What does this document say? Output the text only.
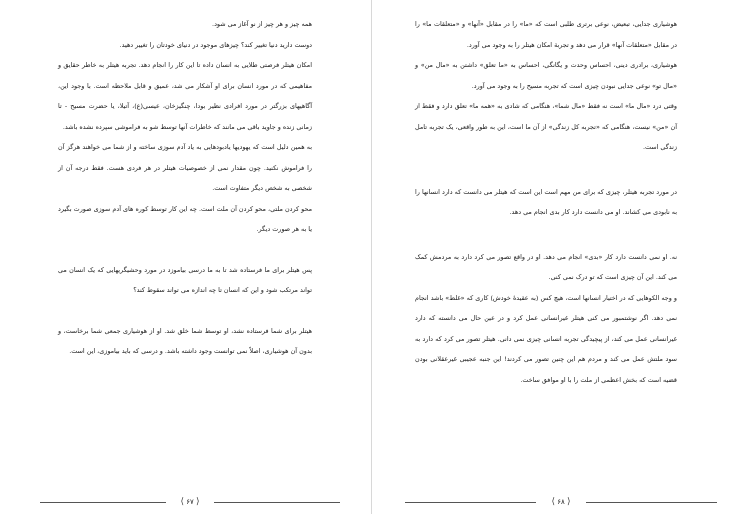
همه چیز و هر چیز از نو آغاز می شود.

دوست دارید دنیا تغییر کند؟ چیزهای موجود در دنیای خودتان را تغییر دهید.

امکان هیتلر فرصتی طلایی به انسان داده تا این کار را انجام دهد. تجربه هیتلر به خاطر حقایق و مفاهیمی که در مورد انسان برای او آشکار می شد، عمیق و قابل ملاحظه است. با وجود این، آگاهیهای بزرگتر در مورد افرادی نظیر بودا، چنگیزخان، عیسی(ع)، آتیلا، یا حضرت مسیح - تا زمانی زنده و جاوید باقی می مانند که خاطرات آنها توسط شو به فراموشی سپرده نشده باشد.

به همین دلیل است که یهودیها یادبودهایی به یاد آدم سوزی ساخته و از شما می خواهند هرگز آن را فراموش نکنید. چون مقدار نمی از خصوصیات هیتلر در هر فردی هست. فقط درجه آن از شخصی به شخص دیگر متفاوت است.

محو کردن ملتی، محو کردن آن ملت است. چه این کار توسط کوره های آدم سوزی صورت بگیرد یا به هر صورت دیگر.

پس هیتلر برای ما فرستاده شد تا به ما درسی بیاموزد در مورد وحشیگریهایی که یک انسان می تواند مرتکب شود و این که انسان تا چه اندازه می تواند سقوط کند؟

هیتلر برای شما فرستاده نشد، او توسط شما خلق شد. او از هوشیاری جمعی شما برخاست، و بدون آن هوشیاری، اصلاً نمی توانست وجود داشته باشد. و درسی که باید بیاموزی، این است.

⟨ ۶۷ ⟩

هوشیاری جدایی، تبعیض، نوعی برتری طلبی است که «ما» را در مقابل «آنها» و «متعلقات ما» را در مقابل «متعلقات آنها» قرار می دهد و تجربة امکان هیتلر را به وجود می آورد.

هوشیاری، برادری دینی، احساس وحدت و یگانگی، احساس به «ما تعلق» داشتن به «مال من» و «مال تو» نوعی جدایی نبودن چیزی است که تجربه مسیح را به وجود می آورد.

وقتی درد «مال ما» است نه فقط «مال شما»، هنگامی که شادی به «همه ما» تعلق دارد و فقط از آن «من» نیست، هنگامی که «تجربه کل زندگی» از آن ما است، این به طور واقعی، یک تجربه تامل زندگی است.

در مورد تجربه هیتلر، چیزی که برای من مهم است این است که هیتلر می دانست که دارد انسانها را به نابودی می کشاند. او می دانست دارد کار بدی انجام می دهد.

نه. او نمی دانست دارد کار «بدی» انجام می دهد. او در واقع تصور می کرد دارد به مردمش کمک می کند. این آن چیزی است که تو درک نمی کنی.

و وجه الکوهایی که در اختیار انسانها است، هیچ کس (به عقیدهٔ خودش) کاری که «غلط» باشد انجام نمی دهد. اگر نوشتمبور می کنی هیتلر غیرانسانی عمل کرد و در عین حال می دانسته که دارد غیرانسانی عمل می کند، از پیچیدگی تجربه انسانی چیزی نمی دانی. هیتلر تصور می کرد که دارد به سود ملتش عمل می کند و مردم هم این چنین تصور می کردند! این جنبه عجیبی غیرعقلانی بودن قضیه است که بخش اعظمی از ملت را با او موافق ساخت.

⟨ ۶۸ ⟩
